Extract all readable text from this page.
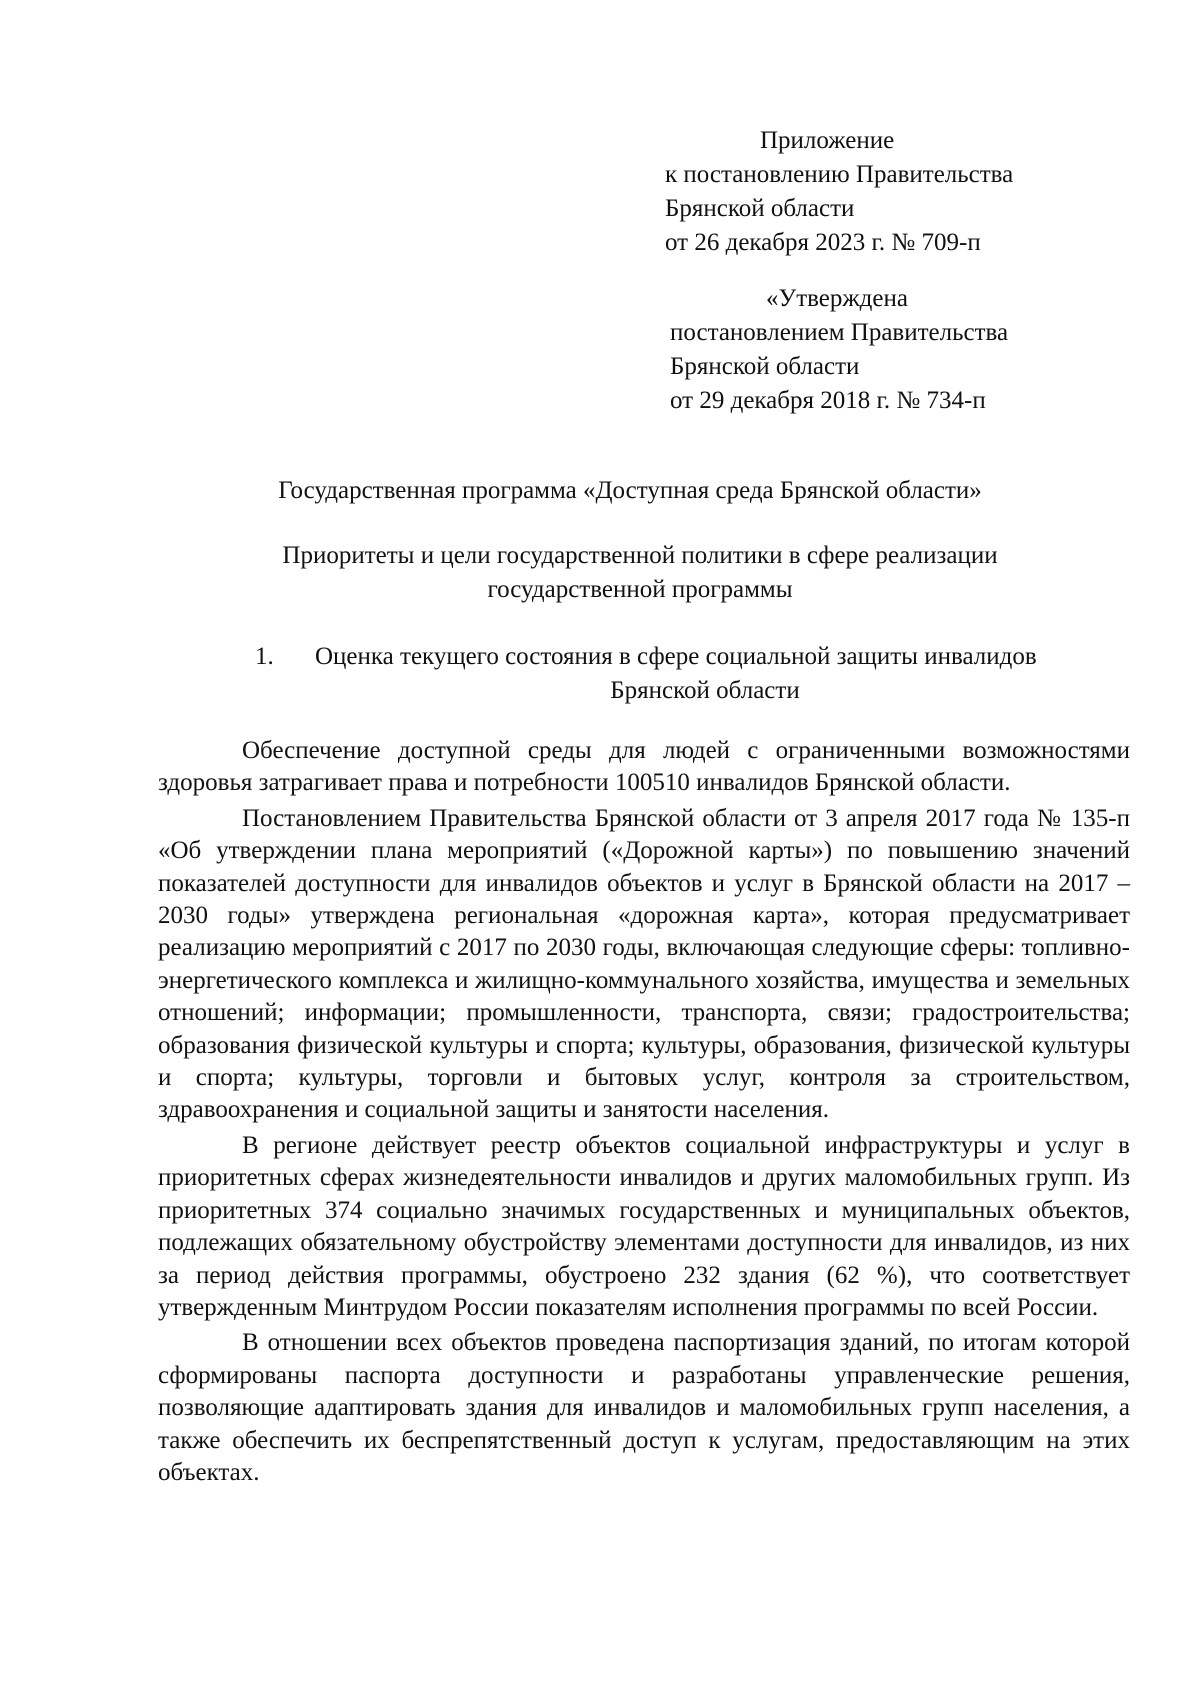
Приложение
к постановлению Правительства
Брянской области
от 26 декабря 2023 г. № 709-п
«Утверждена
постановлением Правительства
Брянской области
от 29 декабря 2018 г. № 734-п
Государственная программа «Доступная среда Брянской области»
Приоритеты и цели государственной политики в сфере реализации
государственной программы
1.	Оценка текущего состояния в сфере социальной защиты инвалидов
Брянской области

Обеспечение доступной среды для людей с ограниченными возможностями здоровья затрагивает права и потребности 100510 инвалидов Брянской области.

Постановлением Правительства Брянской области от 3 апреля 2017 года № 135-п «Об утверждении плана мероприятий («Дорожной карты») по повышению значений показателей доступности для инвалидов объектов и услуг в Брянской области на 2017 – 2030 годы» утверждена региональная «дорожная карта», которая предусматривает реализацию мероприятий с 2017 по 2030 годы, включающая следующие сферы: топливно-энергетического комплекса и жилищно-коммунального хозяйства, имущества и земельных отношений; информации; промышленности, транспорта, связи; градостроительства; образования физической культуры и спорта; культуры, образования, физической культуры и спорта; культуры, торговли и бытовых услуг, контроля за строительством, здравоохранения и социальной защиты и занятости населения.

В регионе действует реестр объектов социальной инфраструктуры и услуг в приоритетных сферах жизнедеятельности инвалидов и других маломобильных групп. Из приоритетных 374 социально значимых государственных и муниципальных объектов, подлежащих обязательному обустройству элементами доступности для инвалидов, из них за период действия программы, обустроено 232 здания (62 %), что соответствует утвержденным Минтрудом России показателям исполнения программы по всей России.

В отношении всех объектов проведена паспортизация зданий, по итогам которой сформированы паспорта доступности и разработаны управленческие решения, позволяющие адаптировать здания для инвалидов и маломобильных групп населения, а также обеспечить их беспрепятственный доступ к услугам, предоставляющим на этих объектах.
